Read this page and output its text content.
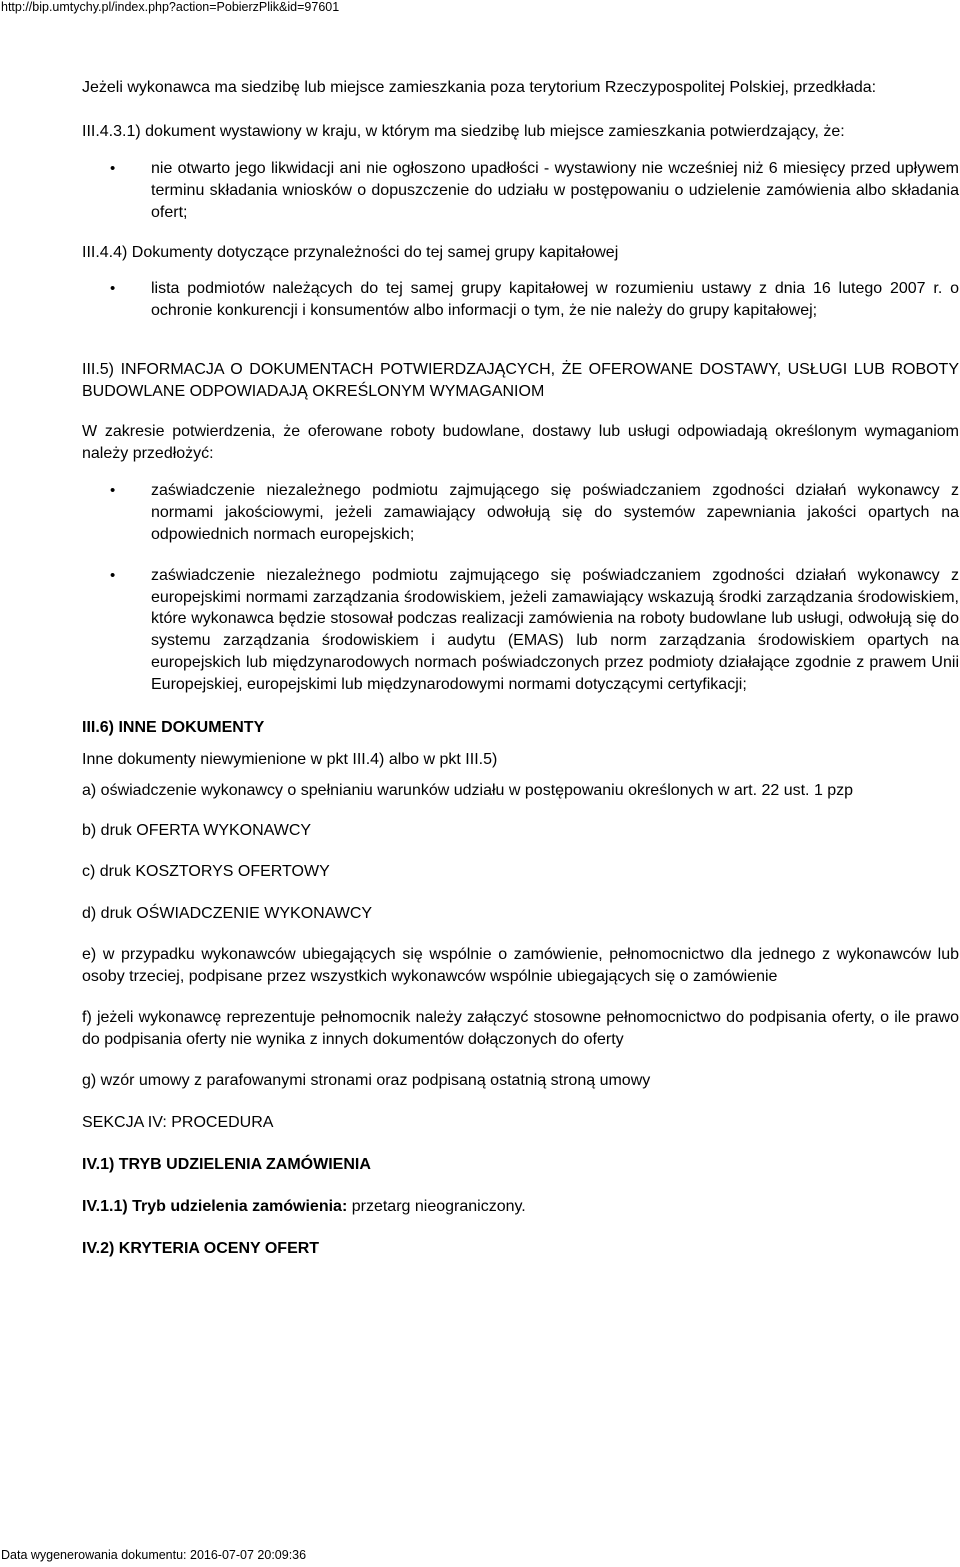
http://bip.umtychy.pl/index.php?action=PobierzPlik&id=97601

Jeżeli wykonawca ma siedzibę lub miejsce zamieszkania poza terytorium Rzeczypospolitej Polskiej, przedkłada:

III.4.3.1) dokument wystawiony w kraju, w którym ma siedzibę lub miejsce zamieszkania potwierdzający, że:

• nie otwarto jego likwidacji ani nie ogłoszono upadłości - wystawiony nie wcześniej niż 6 miesięcy przed upływem terminu składania wniosków o dopuszczenie do udziału w postępowaniu o udzielenie zamówienia albo składania ofert;

III.4.4) Dokumenty dotyczące przynależności do tej samej grupy kapitałowej

• lista podmiotów należących do tej samej grupy kapitałowej w rozumieniu ustawy z dnia 16 lutego 2007 r. o ochronie konkurencji i konsumentów albo informacji o tym, że nie należy do grupy kapitałowej;

III.5) INFORMACJA O DOKUMENTACH POTWIERDZAJĄCYCH, ŻE OFEROWANE DOSTAWY, USŁUGI LUB ROBOTY BUDOWLANE ODPOWIADAJĄ OKREŚLONYM WYMAGANIOM

W zakresie potwierdzenia, że oferowane roboty budowlane, dostawy lub usługi odpowiadają określonym wymaganiom należy przedłożyć:

• zaświadczenie niezależnego podmiotu zajmującego się poświadczaniem zgodności działań wykonawcy z normami jakościowymi, jeżeli zamawiający odwołują się do systemów zapewniania jakości opartych na odpowiednich normach europejskich;
• zaświadczenie niezależnego podmiotu zajmującego się poświadczaniem zgodności działań wykonawcy z europejskimi normami zarządzania środowiskiem, jeżeli zamawiający wskazują środki zarządzania środowiskiem, które wykonawca będzie stosował podczas realizacji zamówienia na roboty budowlane lub usługi, odwołują się do systemu zarządzania środowiskiem i audytu (EMAS) lub norm zarządzania środowiskiem opartych na europejskich lub międzynarodowych normach poświadczonych przez podmioty działające zgodnie z prawem Unii Europejskiej, europejskimi lub międzynarodowymi normami dotyczącymi certyfikacji;

III.6) INNE DOKUMENTY

Inne dokumenty niewymienione w pkt III.4) albo w pkt III.5)

a) oświadczenie wykonawcy o spełnianiu warunków udziału w postępowaniu określonych w art. 22 ust. 1 pzp

b) druk OFERTA WYKONAWCY

c) druk KOSZTORYS OFERTOWY

d) druk OŚWIADCZENIE WYKONAWCY

e) w przypadku wykonawców ubiegających się wspólnie o zamówienie, pełnomocnictwo dla jednego z wykonawców lub osoby trzeciej, podpisane przez wszystkich wykonawców wspólnie ubiegających się o zamówienie

f) jeżeli wykonawcę reprezentuje pełnomocnik należy załączyć stosowne pełnomocnictwo do podpisania oferty, o ile prawo do podpisania oferty nie wynika z innych dokumentów dołączonych do oferty

g) wzór umowy z parafowanymi stronami oraz podpisaną ostatnią stroną umowy

SEKCJA IV: PROCEDURA

IV.1) TRYB UDZIELENIA ZAMÓWIENIA

IV.1.1) Tryb udzielenia zamówienia: przetarg nieograniczony.

IV.2) KRYTERIA OCENY OFERT

Data wygenerowania dokumentu: 2016-07-07 20:09:36
